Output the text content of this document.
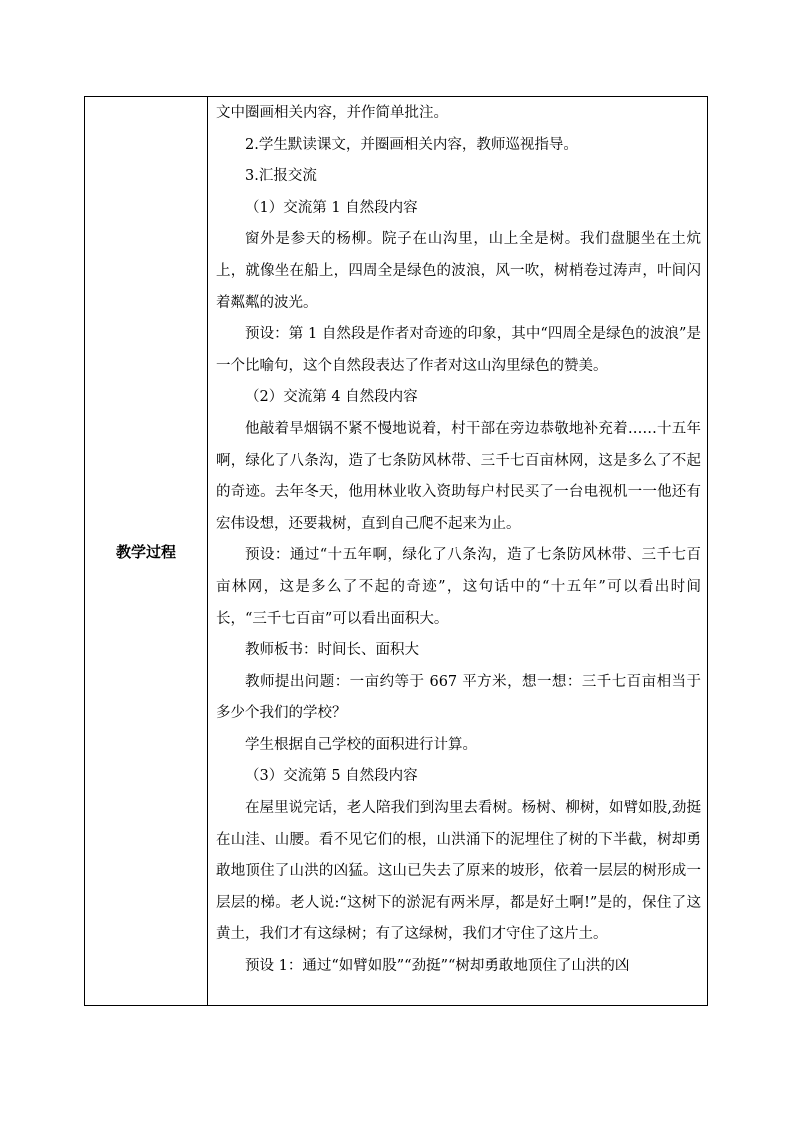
教学过程

文中圈画相关内容，并作简单批注。

2.学生默读课文，并圈画相关内容，教师巡视指导。

3.汇报交流

（1）交流第 1 自然段内容

窗外是参天的杨柳。院子在山沟里，山上全是树。我们盘腿坐在土炕上，就像坐在船上，四周全是绿色的波浪，风一吹，树梢卷过涛声，叶间闪着粼粼的波光。

预设：第 1 自然段是作者对奇迹的印象，其中“四周全是绿色的波浪”是一个比喻句，这个自然段表达了作者对这山沟里绿色的赞美。

（2）交流第 4 自然段内容

他敲着旱烟锅不紧不慢地说着，村干部在旁边恭敬地补充着……十五年啊，绿化了八条沟，造了七条防风林带、三千七百亩林网，这是多么了不起的奇迹。去年冬天，他用林业收入资助每户村民买了一台电视机一一他还有宏伟设想，还要栽树，直到自己爬不起来为止。

预设：通过“十五年啊，绿化了八条沟，造了七条防风林带、三千七百亩林网，这是多么了不起的奇迹”，这句话中的“十五年”可以看出时间长，“三千七百亩”可以看出面积大。

教师板书：时间长、面积大

教师提出问题：一亩约等于 667 平方米，想一想：三千七百亩相当于多少个我们的学校？

学生根据自己学校的面积进行计算。

（3）交流第 5 自然段内容

在屋里说完话，老人陪我们到沟里去看树。杨树、柳树，如臂如股,劲挺在山洼、山腰。看不见它们的根，山洪涌下的泥埋住了树的下半截，树却勇敢地顶住了山洪的凶猛。这山已失去了原来的坡形，依着一层层的树形成一层层的梯。老人说:“这树下的淤泥有两米厚，都是好土啊!”是的，保住了这黄土，我们才有这绿树；有了这绿树，我们才守住了这片土。

预设 1：通过“如臂如股”“劲挺”“树却勇敢地顶住了山洪的凶
